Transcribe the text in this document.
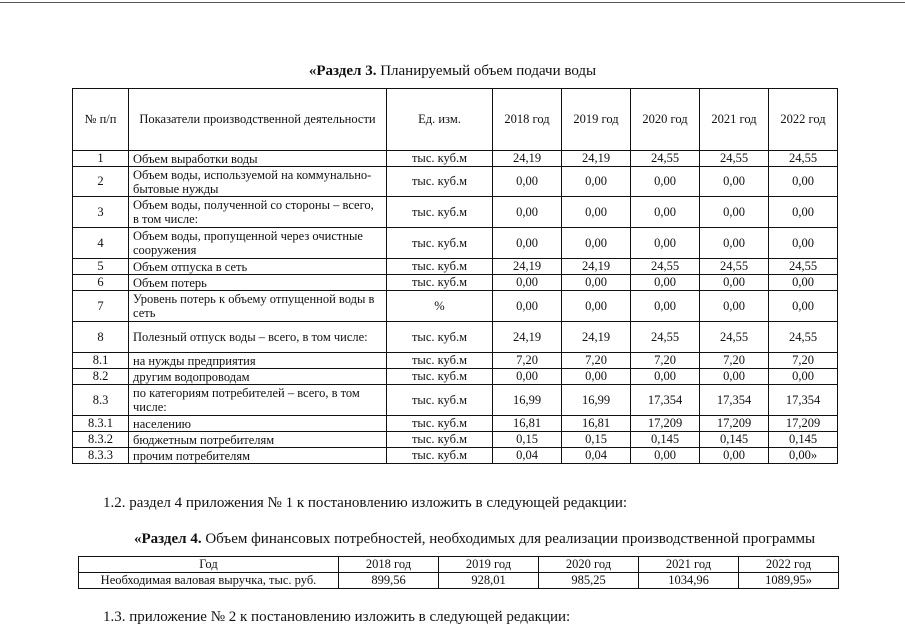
«Раздел 3. Планируемый объем подачи воды
№ п/п	Показатели производственной деятельности	Ед. изм.	2018 год	2019 год	2020 год	2021 год	2022 год
1	Объем выработки воды	тыс. куб.м	24,19	24,19	24,55	24,55	24,55
2	Объем воды, используемой на коммунально-бытовые нужды	тыс. куб.м	0,00	0,00	0,00	0,00	0,00
3	Объем воды, полученной со стороны – всего, в том числе:	тыс. куб.м	0,00	0,00	0,00	0,00	0,00
4	Объем воды, пропущенной через очистные сооружения	тыс. куб.м	0,00	0,00	0,00	0,00	0,00
5	Объем отпуска в сеть	тыс. куб.м	24,19	24,19	24,55	24,55	24,55
6	Объем потерь	тыс. куб.м	0,00	0,00	0,00	0,00	0,00
7	Уровень потерь к объему отпущенной воды в сеть	%	0,00	0,00	0,00	0,00	0,00
8	Полезный отпуск воды – всего, в том числе:	тыс. куб.м	24,19	24,19	24,55	24,55	24,55
8.1	на нужды предприятия	тыс. куб.м	7,20	7,20	7,20	7,20	7,20
8.2	другим водопроводам	тыс. куб.м	0,00	0,00	0,00	0,00	0,00
8.3	по категориям потребителей – всего, в том числе:	тыс. куб.м	16,99	16,99	17,354	17,354	17,354
8.3.1	населению	тыс. куб.м	16,81	16,81	17,209	17,209	17,209
8.3.2	бюджетным потребителям	тыс. куб.м	0,15	0,15	0,145	0,145	0,145
8.3.3	прочим потребителям	тыс. куб.м	0,04	0,04	0,00	0,00	0,00»
1.2. раздел 4 приложения № 1 к постановлению изложить в следующей редакции:
«Раздел 4. Объем финансовых потребностей, необходимых для реализации производственной программы
Год	2018 год	2019 год	2020 год	2021 год	2022 год
Необходимая валовая выручка, тыс. руб.	899,56	928,01	985,25	1034,96	1089,95»
1.3. приложение № 2 к постановлению изложить в следующей редакции:
